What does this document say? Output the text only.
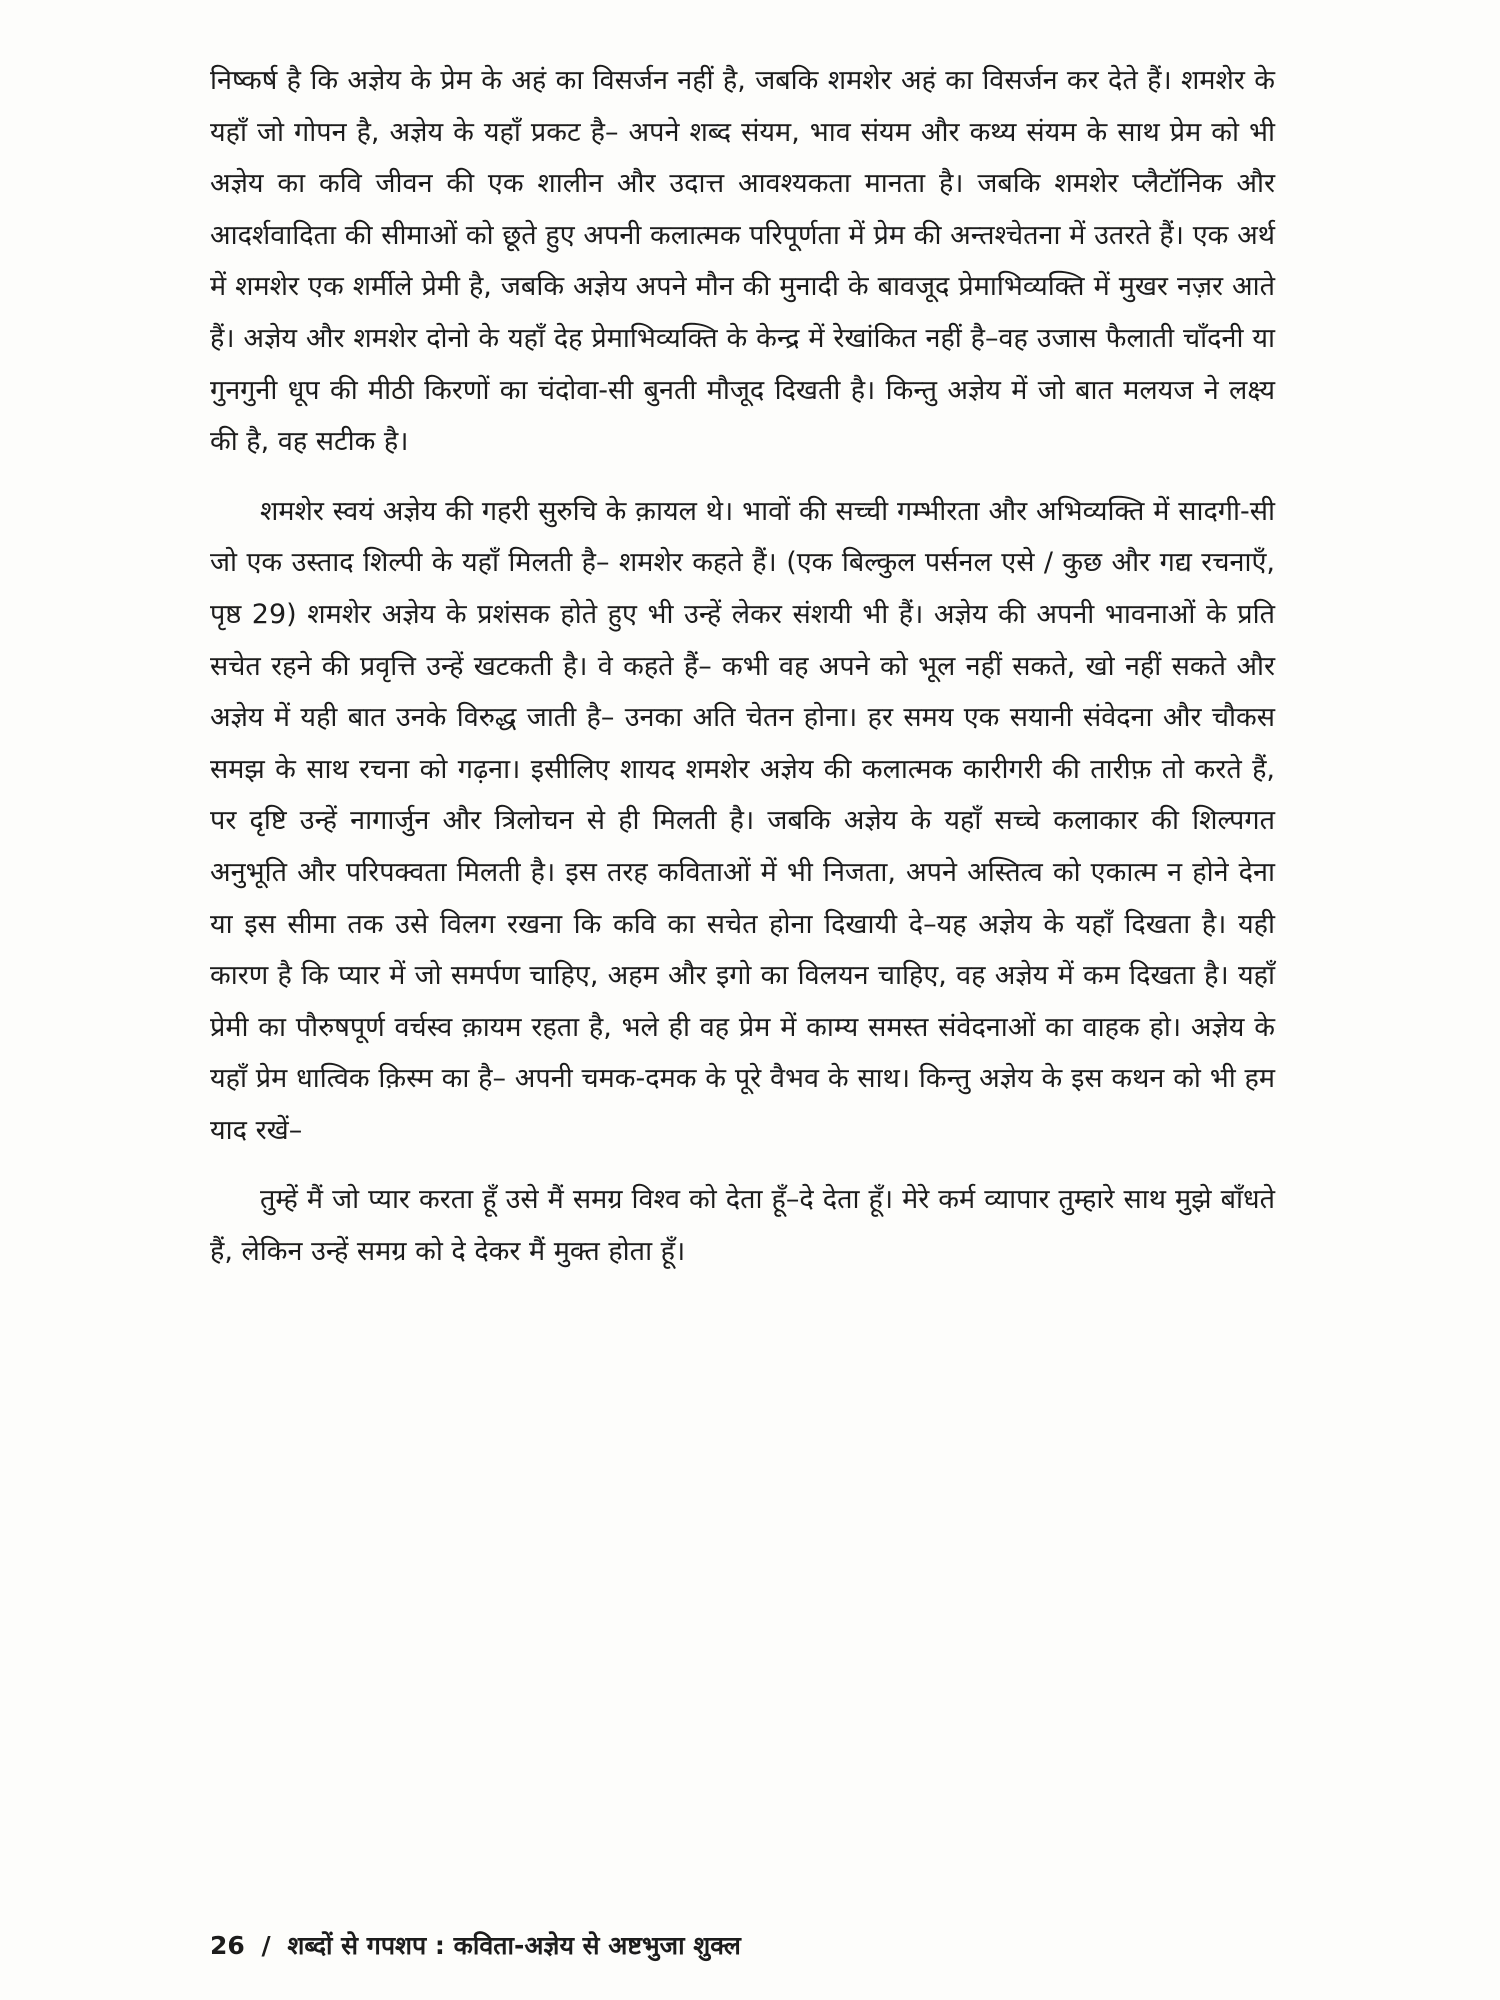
निष्कर्ष है कि अज्ञेय के प्रेम के अहं का विसर्जन नहीं है, जबकि शमशेर अहं का विसर्जन कर देते हैं। शमशेर के यहाँ जो गोपन है, अज्ञेय के यहाँ प्रकट है– अपने शब्द संयम, भाव संयम और कथ्य संयम के साथ प्रेम को भी अज्ञेय का कवि जीवन की एक शालीन और उदात्त आवश्यकता मानता है। जबकि शमशेर प्लैटॉनिक और आदर्शवादिता की सीमाओं को छूते हुए अपनी कलात्मक परिपूर्णता में प्रेम की अन्तश्चेतना में उतरते हैं। एक अर्थ में शमशेर एक शर्मीले प्रेमी है, जबकि अज्ञेय अपने मौन की मुनादी के बावजूद प्रेमाभिव्यक्ति में मुखर नज़र आते हैं। अज्ञेय और शमशेर दोनो के यहाँ देह प्रेमाभिव्यक्ति के केन्द्र में रेखांकित नहीं है–वह उजास फैलाती चाँदनी या गुनगुनी धूप की मीठी किरणों का चंदोवा-सी बुनती मौजूद दिखती है। किन्तु अज्ञेय में जो बात मलयज ने लक्ष्य की है, वह सटीक है।

शमशेर स्वयं अज्ञेय की गहरी सुरुचि के क़ायल थे। भावों की सच्ची गम्भीरता और अभिव्यक्ति में सादगी-सी जो एक उस्ताद शिल्पी के यहाँ मिलती है– शमशेर कहते हैं। (एक बिल्कुल पर्सनल एसे / कुछ और गद्य रचनाएँ, पृष्ठ 29) शमशेर अज्ञेय के प्रशंसक होते हुए भी उन्हें लेकर संशयी भी हैं। अज्ञेय की अपनी भावनाओं के प्रति सचेत रहने की प्रवृत्ति उन्हें खटकती है। वे कहते हैं– कभी वह अपने को भूल नहीं सकते, खो नहीं सकते और अज्ञेय में यही बात उनके विरुद्ध जाती है– उनका अति चेतन होना। हर समय एक सयानी संवेदना और चौकस समझ के साथ रचना को गढ़ना। इसीलिए शायद शमशेर अज्ञेय की कलात्मक कारीगरी की तारीफ़ तो करते हैं, पर दृष्टि उन्हें नागार्जुन और त्रिलोचन से ही मिलती है। जबकि अज्ञेय के यहाँ सच्चे कलाकार की शिल्पगत अनुभूति और परिपक्वता मिलती है। इस तरह कविताओं में भी निजता, अपने अस्तित्व को एकात्म न होने देना या इस सीमा तक उसे विलग रखना कि कवि का सचेत होना दिखायी दे–यह अज्ञेय के यहाँ दिखता है। यही कारण है कि प्यार में जो समर्पण चाहिए, अहम और इगो का विलयन चाहिए, वह अज्ञेय में कम दिखता है। यहाँ प्रेमी का पौरुषपूर्ण वर्चस्व क़ायम रहता है, भले ही वह प्रेम में काम्य समस्त संवेदनाओं का वाहक हो। अज्ञेय के यहाँ प्रेम धात्विक क़िस्म का है– अपनी चमक-दमक के पूरे वैभव के साथ। किन्तु अज्ञेय के इस कथन को भी हम याद रखें–

तुम्हें मैं जो प्यार करता हूँ उसे मैं समग्र विश्व को देता हूँ–दे देता हूँ। मेरे कर्म व्यापार तुम्हारे साथ मुझे बाँधते हैं, लेकिन उन्हें समग्र को दे देकर मैं मुक्त होता हूँ।

26 / शब्दों से गपशप : कविता-अज्ञेय से अष्टभुजा शुक्ल
